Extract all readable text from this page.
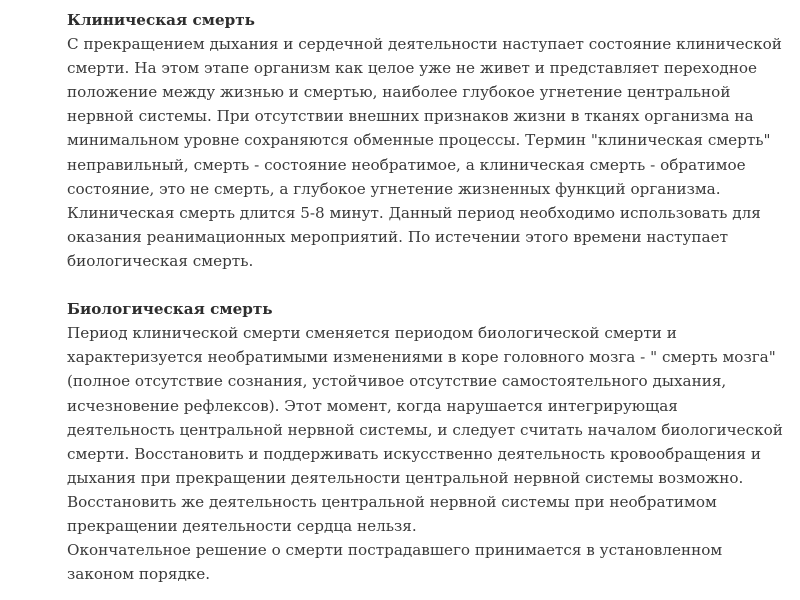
Клиническая смерть

С прекращением дыхания и сердечной деятельности наступает состояние клинической смерти. На этом этапе организм как целое уже не живет и представляет переходное положение между жизнью и смертью, наиболее глубокое угнетение центральной нервной системы. При отсутствии внешних признаков жизни в тканях организма на минимальном уровне сохраняются обменные процессы. Термин "клиническая смерть" неправильный, смерть - состояние необратимое, а клиническая смерть - обратимое состояние, это не смерть, а глубокое угнетение жизненных функций организма. Клиническая смерть длится 5-8 минут. Данный период необходимо использовать для оказания реанимационных мероприятий. По истечении этого времени наступает биологическая смерть.

Биологическая смерть

Период клинической смерти сменяется периодом биологической смерти и характеризуется необратимыми изменениями в коре головного мозга - " смерть мозга" (полное отсутствие сознания, устойчивое отсутствие самостоятельного дыхания, исчезновение рефлексов). Этот момент, когда нарушается интегрирующая деятельность центральной нервной системы, и следует считать началом биологической смерти. Восстановить и поддерживать искусственно деятельность кровообращения и дыхания при прекращении деятельности центральной нервной системы возможно. Восстановить же деятельность центральной нервной системы при необратимом прекращении деятельности сердца нельзя.

Окончательное решение о смерти пострадавшего принимается в установленном законом порядке.
